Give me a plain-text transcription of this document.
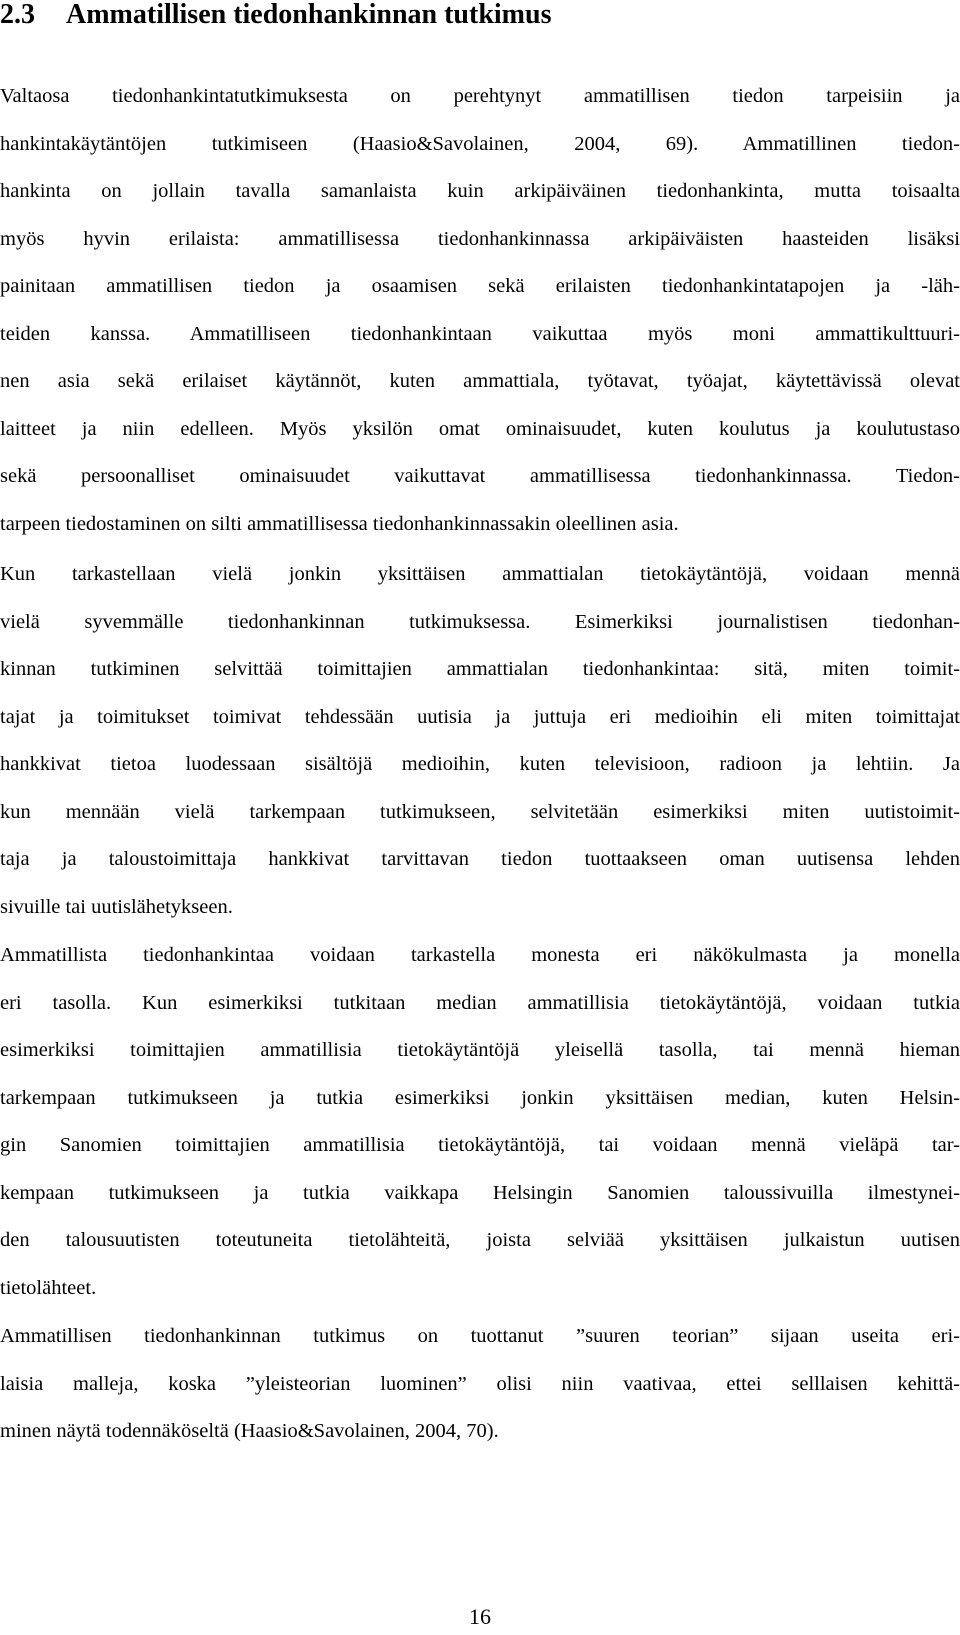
2.3 Ammatillisen tiedonhankinnan tutkimus
Valtaosa tiedonhankintatutkimuksesta on perehtynyt ammatillisen tiedon tarpeisiin ja
hankintakäytäntöjen tutkimiseen (Haasio&Savolainen, 2004, 69). Ammatillinen tiedon-
hankinta on jollain tavalla samanlaista kuin arkipäiväinen tiedonhankinta, mutta toisaalta
myös hyvin erilaista: ammatillisessa tiedonhankinnassa arkipäiväisten haasteiden lisäksi
painitaan ammatillisen tiedon ja osaamisen sekä erilaisten tiedonhankintatapojen ja -läh-
teiden kanssa. Ammatilliseen tiedonhankintaan vaikuttaa myös moni ammattikulttuuri-
nen asia sekä erilaiset käytännöt, kuten ammattiala, työtavat, työajat, käytettävissä olevat
laitteet ja niin edelleen. Myös yksilön omat ominaisuudet, kuten koulutus ja koulutustaso
sekä persoonalliset ominaisuudet vaikuttavat ammatillisessa tiedonhankinnassa. Tiedon-
tarpeen tiedostaminen on silti ammatillisessa tiedonhankinnassakin oleellinen asia.
Kun tarkastellaan vielä jonkin yksittäisen ammattialan tietokäytäntöjä, voidaan mennä
vielä syvemmälle tiedonhankinnan tutkimuksessa. Esimerkiksi journalistisen tiedonhan-
kinnan tutkiminen selvittää toimittajien ammattialan tiedonhankintaa: sitä, miten toimit-
tajat ja toimitukset toimivat tehdessään uutisia ja juttuja eri medioihin eli miten toimittajat
hankkivat tietoa luodessaan sisältöjä medioihin, kuten televisioon, radioon ja lehtiin. Ja
kun mennään vielä tarkempaan tutkimukseen, selvitetään esimerkiksi miten uutistoimit-
taja ja taloustoimittaja hankkivat tarvittavan tiedon tuottaakseen oman uutisensa lehden
sivuille tai uutislähetykseen.
Ammatillista tiedonhankintaa voidaan tarkastella monesta eri näkökulmasta ja monella
eri tasolla. Kun esimerkiksi tutkitaan median ammatillisia tietokäytäntöjä, voidaan tutkia
esimerkiksi toimittajien ammatillisia tietokäytäntöjä yleisellä tasolla, tai mennä hieman
tarkempaan tutkimukseen ja tutkia esimerkiksi jonkin yksittäisen median, kuten Helsin-
gin Sanomien toimittajien ammatillisia tietokäytäntöjä, tai voidaan mennä vieläpä tar-
kempaan tutkimukseen ja tutkia vaikkapa Helsingin Sanomien taloussivuilla ilmestynei-
den talousuutisten toteutuneita tietolähteitä, joista selviää yksittäisen julkaistun uutisen
tietolähteet.
Ammatillisen tiedonhankinnan tutkimus on tuottanut ”suuren teorian” sijaan useita eri-
laisia malleja, koska ”yleisteorian luominen” olisi niin vaativaa, ettei selllaisen kehittä-
minen näytä todennäköseltä (Haasio&Savolainen, 2004, 70).
16
